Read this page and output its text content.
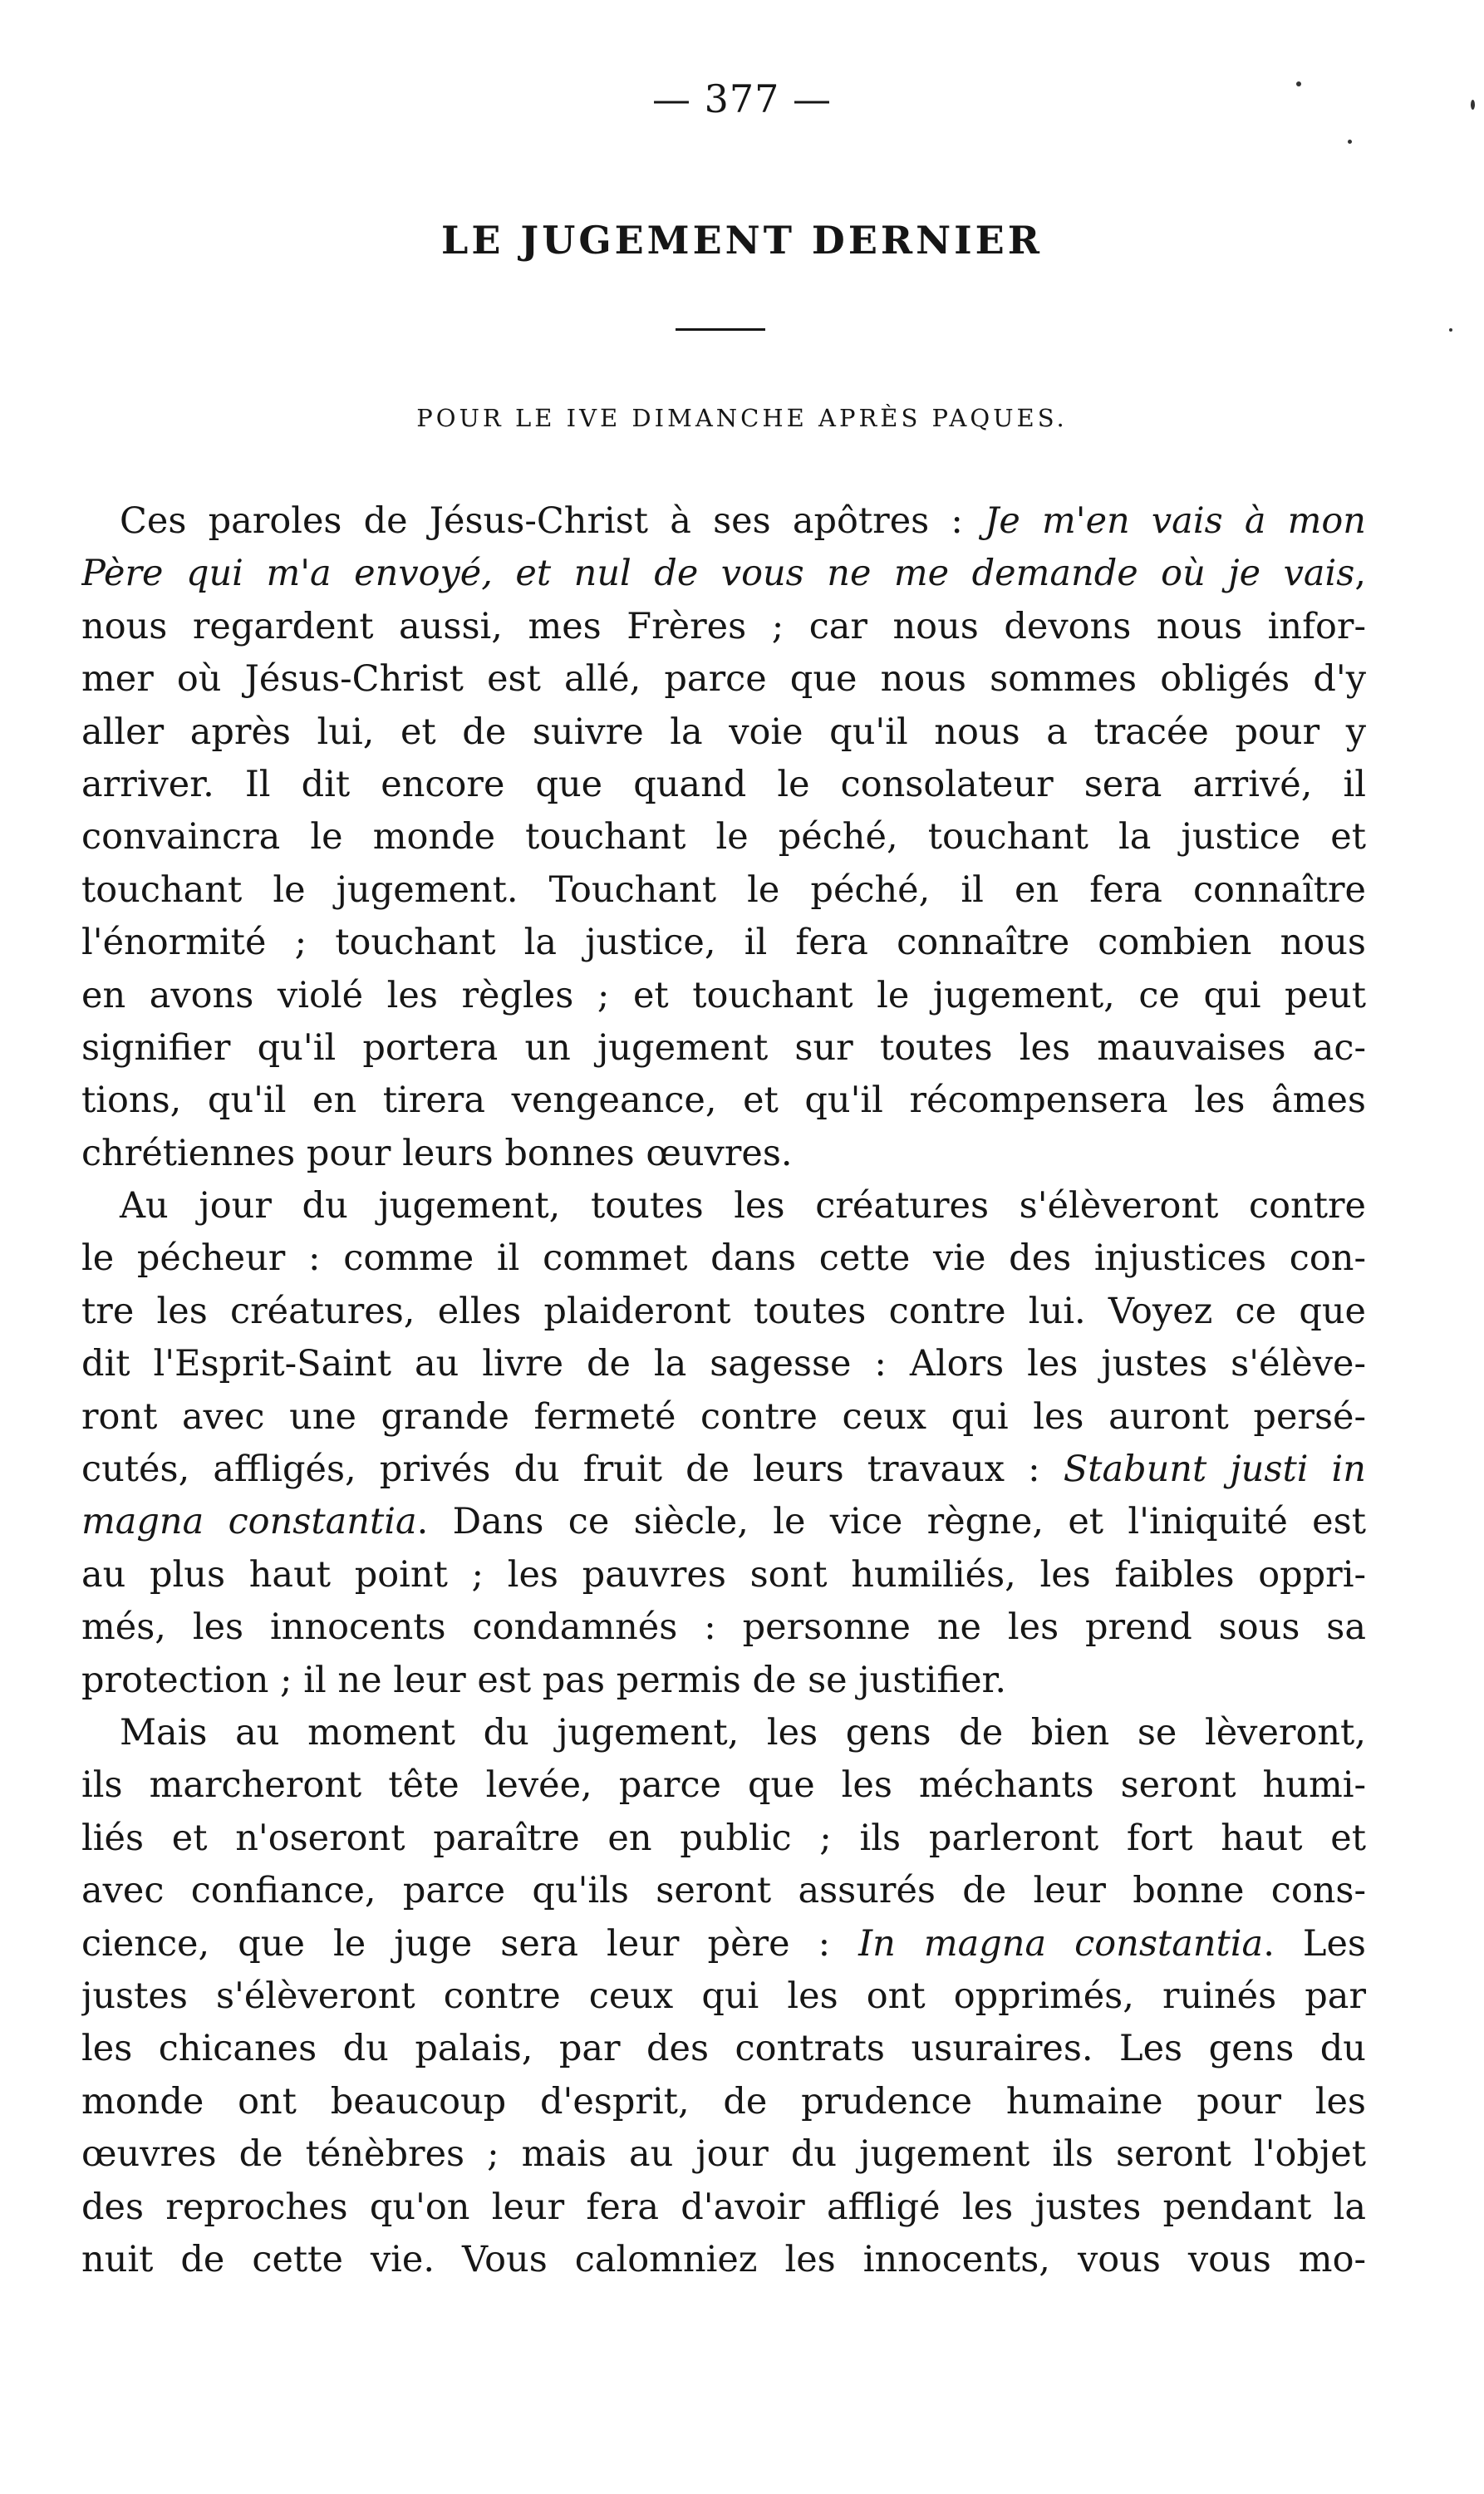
— 377 —
LE JUGEMENT DERNIER
POUR LE IVE DIMANCHE APRÈS PAQUES.
Ces paroles de Jésus-Christ à ses apôtres : Je m'en vais à mon
Père qui m'a envoyé, et nul de vous ne me demande où je vais,
nous regardent aussi, mes Frères ; car nous devons nous infor-
mer où Jésus-Christ est allé, parce que nous sommes obligés d'y
aller après lui, et de suivre la voie qu'il nous a tracée pour y
arriver. Il dit encore que quand le consolateur sera arrivé, il
convaincra le monde touchant le péché, touchant la justice et
touchant le jugement. Touchant le péché, il en fera connaître
l'énormité ; touchant la justice, il fera connaître combien nous
en avons violé les règles ; et touchant le jugement, ce qui peut
signifier qu'il portera un jugement sur toutes les mauvaises ac-
tions, qu'il en tirera vengeance, et qu'il récompensera les âmes
chrétiennes pour leurs bonnes œuvres.
Au jour du jugement, toutes les créatures s'élèveront contre
le pécheur : comme il commet dans cette vie des injustices con-
tre les créatures, elles plaideront toutes contre lui. Voyez ce que
dit l'Esprit-Saint au livre de la sagesse : Alors les justes s'élève-
ront avec une grande fermeté contre ceux qui les auront persé-
cutés, affligés, privés du fruit de leurs travaux : Stabunt justi in
magna constantia. Dans ce siècle, le vice règne, et l'iniquité est
au plus haut point ; les pauvres sont humiliés, les faibles oppri-
més, les innocents condamnés : personne ne les prend sous sa
protection ; il ne leur est pas permis de se justifier.
Mais au moment du jugement, les gens de bien se lèveront,
ils marcheront tête levée, parce que les méchants seront humi-
liés et n'oseront paraître en public ; ils parleront fort haut et
avec confiance, parce qu'ils seront assurés de leur bonne cons-
cience, que le juge sera leur père : In magna constantia. Les
justes s'élèveront contre ceux qui les ont opprimés, ruinés par
les chicanes du palais, par des contrats usuraires. Les gens du
monde ont beaucoup d'esprit, de prudence humaine pour les
œuvres de ténèbres ; mais au jour du jugement ils seront l'objet
des reproches qu'on leur fera d'avoir affligé les justes pendant la
nuit de cette vie. Vous calomniez les innocents, vous vous mo-
